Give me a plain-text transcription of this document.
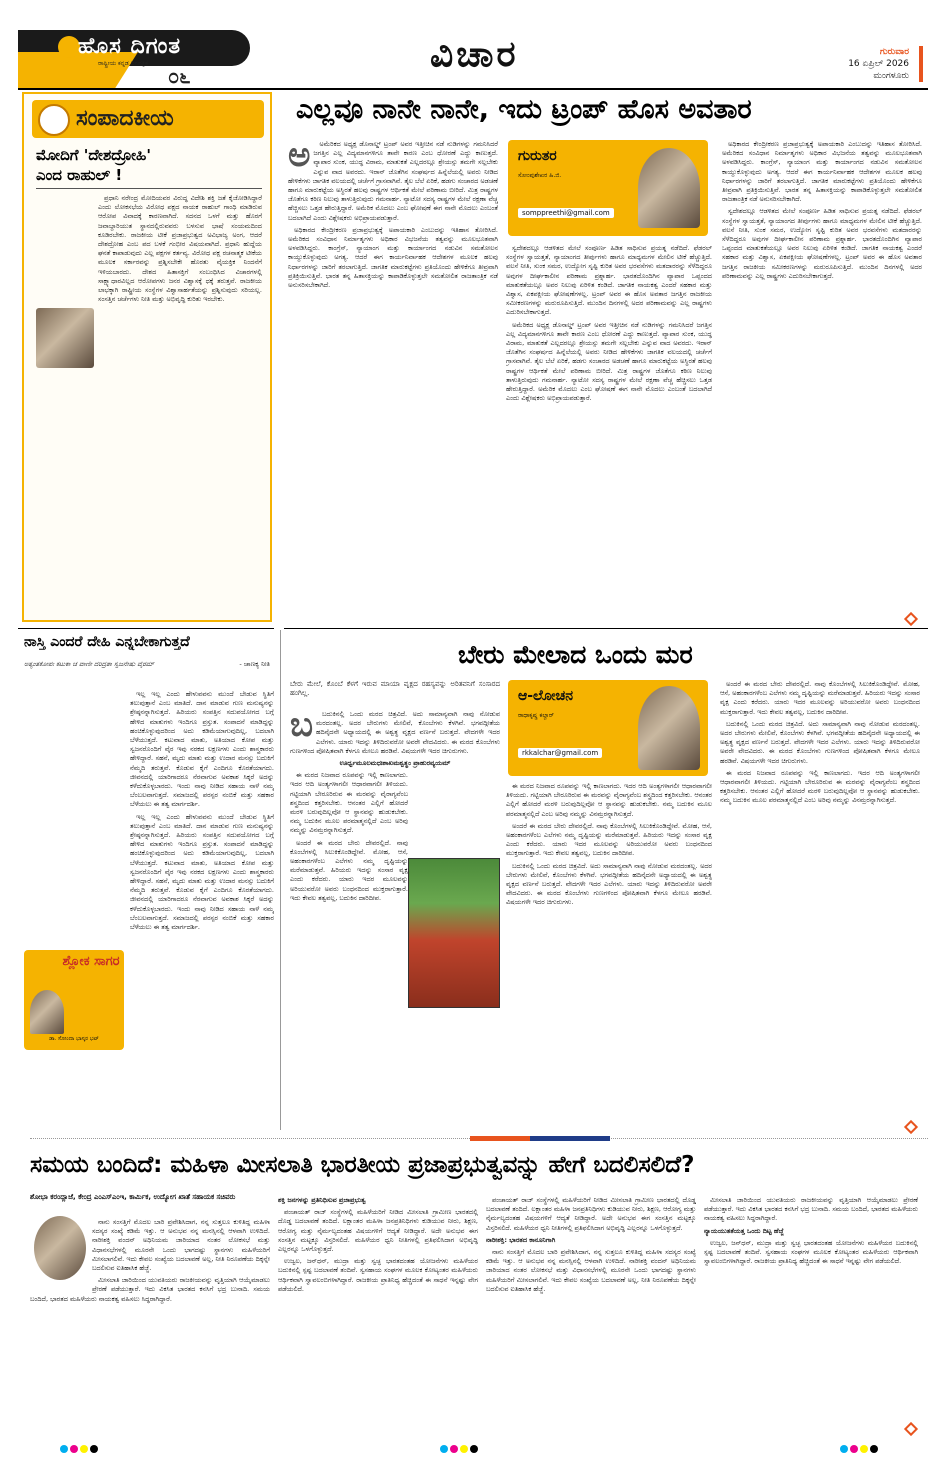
ಹೊಸ ದಿಗಂತ
ರಾಷ್ಟ್ರೀಯ ಕನ್ನಡ ದಿನಪತ್ರಿಕೆ
೦೬
ವಿಚಾರ	ಗುರುವಾರ
16 ಏಪ್ರಿಲ್ 2026
ಮಂಗಳೂರು
ಸಂಪಾದಕೀಯ
ಮೋದಿಗೆ 'ದೇಶದ್ರೋಹಿ'
ಎಂದ ರಾಹುಲ್ !

ಪ್ರಧಾನಿ ನರೇಂದ್ರ ಮೋದಿಯವರ ವಿರುದ್ಧ ವಿದೇಶಿ ಶಕ್ತಿ ಜತೆ ಕೈಜೋಡಿಸಿದ್ದಾರೆ ಎಂದು ಲೋಕಸಭೆಯ ವಿರೋಧ ಪಕ್ಷದ ನಾಯಕ ರಾಹುಲ್ ಗಾಂಧಿ ಮಾಡಿರುವ ಆರೋಪ ವಿವಾದಕ್ಕೆ ಕಾರಣವಾಗಿದೆ. ಸದನದ ಒಳಗೆ ಮತ್ತು ಹೊರಗೆ ಜವಾಬ್ದಾರಿಯುತ ಸ್ಥಾನದಲ್ಲಿರುವವರು ಬಳಸುವ ಭಾಷೆ ಸಂಯಮದಿಂದ ಕೂಡಿರಬೇಕು. ರಾಜಕೀಯ ಟೀಕೆ ಪ್ರಜಾಪ್ರಭುತ್ವದ ಅವಿಭಾಜ್ಯ ಅಂಗ, ಆದರೆ ದೇಶದ್ರೋಹ ಎಂಬ ಪದ ಬಳಕೆ ಗಂಭೀರ ವಿಷಯವಾಗಿದೆ. ಪ್ರಧಾನಿ ಹುದ್ದೆಯ ಘನತೆ ಕಾಪಾಡುವುದು ಎಲ್ಲ ಪಕ್ಷಗಳ ಕರ್ತವ್ಯ. ವಿರೋಧ ಪಕ್ಷ ರಚನಾತ್ಮಕ ಟೀಕೆಯ ಮೂಲಕ ಸರ್ಕಾರವನ್ನು ಪ್ರಶ್ನಿಸಬೇಕೇ ಹೊರತು ವೈಯಕ್ತಿಕ ನಿಂದನೆಗೆ ಇಳಿಯಬಾರದು. ದೇಶದ ಹಿತಾಸಕ್ತಿಗೆ ಸಂಬಂಧಿಸಿದ ವಿಚಾರಗಳಲ್ಲಿ ಸಾಕ್ಷ್ಯಾಧಾರವಿಲ್ಲದ ಆರೋಪಗಳು ಜನರ ವಿಶ್ವಾಸಕ್ಕೆ ಧಕ್ಕೆ ತರುತ್ತವೆ. ರಾಜಕೀಯ ಲಾಭಕ್ಕಾಗಿ ರಾಷ್ಟ್ರೀಯ ಸಂಸ್ಥೆಗಳ ವಿಶ್ವಾಸಾರ್ಹತೆಯನ್ನು ಪ್ರಶ್ನಿಸುವುದು ಸರಿಯಲ್ಲ. ಸಂಸತ್ತಿನ ಚರ್ಚೆಗಳು ನೀತಿ ಮತ್ತು ಅಭಿವೃದ್ಧಿ ಕುರಿತು ಇರಬೇಕು.

ಎಲ್ಲವೂ ನಾನೇ ನಾನೇ, ಇದು ಟ್ರಂಪ್ ಹೊಸ ಅವತಾರ
ಅ	ಅಮೆರಿಕದ ಅಧ್ಯಕ್ಷ ಡೊನಾಲ್ಡ್ ಟ್ರಂಪ್ ಅವರ ಇತ್ತೀಚಿನ ನಡೆ ನುಡಿಗಳನ್ನು ಗಮನಿಸಿದರೆ ಜಗತ್ತಿನ ಎಲ್ಲ ವಿದ್ಯಮಾನಗಳಿಗೂ ತಾವೇ ಕಾರಣ ಎಂಬ ಧೋರಣೆ ಎದ್ದು ಕಾಣುತ್ತದೆ. ವ್ಯಾಪಾರ ಸುಂಕ, ಯುದ್ಧ ವಿರಾಮ, ಮಾತುಕತೆ ಎಲ್ಲದರಲ್ಲೂ ಶ್ರೇಯಸ್ಸು ತಮಗೇ ಸಲ್ಲಬೇಕು ಎನ್ನುವ ವಾದ ಅವರದು. ಇರಾನ್ ಜೊತೆಗಿನ ಸಂಘರ್ಷದ ಹಿನ್ನೆಲೆಯಲ್ಲಿ ಅವರು ನೀಡಿದ ಹೇಳಿಕೆಗಳು ಜಾಗತಿಕ ವಲಯದಲ್ಲಿ ಚರ್ಚೆಗೆ ಗ್ರಾಸವಾಗಿವೆ. ತೈಲ ಬೆಲೆ ಏರಿಕೆ, ಹಡಗು ಸಂಚಾರದ ಅಡಚಣೆ ಹಾಗೂ ಮಾರುಕಟ್ಟೆಯ ಅಸ್ಥಿರತೆ ಹಲವು ರಾಷ್ಟ್ರಗಳ ಆರ್ಥಿಕತೆ ಮೇಲೆ ಪರಿಣಾಮ ಬೀರಿದೆ. ಮಿತ್ರ ರಾಷ್ಟ್ರಗಳ ಜೊತೆಗೂ ಕಠಿಣ ನಿಲುವು ತಾಳುತ್ತಿರುವುದು ಗಮನಾರ್ಹ. ನ್ಯಾಟೋ ಸದಸ್ಯ ರಾಷ್ಟ್ರಗಳ ಮೇಲೆ ರಕ್ಷಣಾ ವೆಚ್ಚ ಹೆಚ್ಚಿಸಲು ಒತ್ತಡ ಹೇರುತ್ತಿದ್ದಾರೆ. ಅಮೆರಿಕ ಮೊದಲು ಎಂಬ ಘೋಷಣೆ ಈಗ ನಾನೇ ಮೊದಲು ಎಂಬಂತೆ ಬದಲಾಗಿದೆ ಎಂದು ವಿಶ್ಲೇಷಕರು ಅಭಿಪ್ರಾಯಪಡುತ್ತಾರೆ.

ಅಧಿಕಾರದ ಕೇಂದ್ರೀಕರಣ ಪ್ರಜಾಪ್ರಭುತ್ವಕ್ಕೆ ಅಪಾಯಕಾರಿ ಎಂಬುದನ್ನು ಇತಿಹಾಸ ತೋರಿಸಿದೆ. ಅಮೆರಿಕದ ಸಂವಿಧಾನ ನಿರ್ಮಾತೃಗಳು ಅಧಿಕಾರ ವಿಭಜನೆಯ ತತ್ವವನ್ನು ಮೂಲಭೂತವಾಗಿ ಅಳವಡಿಸಿದ್ದರು. ಕಾಂಗ್ರೆಸ್, ನ್ಯಾಯಾಂಗ ಮತ್ತು ಕಾರ್ಯಾಂಗದ ನಡುವಿನ ಸಮತೋಲನ ಕಾಯ್ದುಕೊಳ್ಳುವುದು ಅಗತ್ಯ. ಆದರೆ ಈಗ ಕಾರ್ಯನಿರ್ವಾಹಕ ಆದೇಶಗಳ ಮೂಲಕ ಹಲವು ನಿರ್ಧಾರಗಳನ್ನು ಜಾರಿಗೆ ತರಲಾಗುತ್ತಿದೆ. ಜಾಗತಿಕ ಮಾರುಕಟ್ಟೆಗಳು ಪ್ರತಿಯೊಂದು ಹೇಳಿಕೆಗೂ ತೀವ್ರವಾಗಿ ಪ್ರತಿಕ್ರಿಯಿಸುತ್ತಿವೆ. ಭಾರತ ತನ್ನ ಹಿತಾಸಕ್ತಿಯನ್ನು ಕಾಪಾಡಿಕೊಳ್ಳುತ್ತಲೇ ಸಮತೋಲಿತ ರಾಜತಾಂತ್ರಿಕ ನಡೆ ಅನುಸರಿಸಬೇಕಾಗಿದೆ.

ಗುರುತರ
ಸೋಂಪುಶೇಖರ ಹಿ.ಜಿ.
somppreethi@gmail.com

ಸ್ವದೇಶದಲ್ಲೂ ಆಡಳಿತದ ಮೇಲೆ ಸಂಪೂರ್ಣ ಹಿಡಿತ ಸಾಧಿಸುವ ಪ್ರಯತ್ನ ನಡೆದಿದೆ. ಫೆಡರಲ್ ಸಂಸ್ಥೆಗಳ ಸ್ವಾಯತ್ತತೆ, ನ್ಯಾಯಾಂಗದ ತೀರ್ಪುಗಳು ಹಾಗೂ ಮಾಧ್ಯಮಗಳ ಮೇಲಿನ ಟೀಕೆ ಹೆಚ್ಚುತ್ತಿದೆ. ವಲಸೆ ನೀತಿ, ಸುಂಕ ಸಮರ, ಉದ್ಯೋಗ ಸೃಷ್ಟಿ ಕುರಿತ ಅವರ ಭರವಸೆಗಳು ಮತದಾರರನ್ನು ಸೆಳೆದಿದ್ದರೂ ಅವುಗಳ ದೀರ್ಘಕಾಲೀನ ಪರಿಣಾಮ ಪ್ರಶ್ನಾರ್ಹ. ಭಾರತದೊಂದಿಗಿನ ವ್ಯಾಪಾರ ಒಪ್ಪಂದದ ಮಾತುಕತೆಯಲ್ಲೂ ಅವರ ನಿಲುವು ಏರಿಳಿತ ಕಂಡಿದೆ. ಜಾಗತಿಕ ನಾಯಕತ್ವ ಎಂದರೆ ಸಹಕಾರ ಮತ್ತು ವಿಶ್ವಾಸ, ಏಕಪಕ್ಷೀಯ ಘೋಷಣೆಗಳಲ್ಲ. ಟ್ರಂಪ್ ಅವರ ಈ ಹೊಸ ಅವತಾರ ಜಗತ್ತಿನ ರಾಜಕೀಯ ಸಮೀಕರಣಗಳನ್ನು ಮರುರೂಪಿಸುತ್ತಿದೆ. ಮುಂದಿನ ದಿನಗಳಲ್ಲಿ ಅದರ ಪರಿಣಾಮವನ್ನು ಎಲ್ಲ ರಾಷ್ಟ್ರಗಳು ಎದುರಿಸಬೇಕಾಗುತ್ತದೆ.

ಅಮೆರಿಕದ ಅಧ್ಯಕ್ಷ ಡೊನಾಲ್ಡ್ ಟ್ರಂಪ್ ಅವರ ಇತ್ತೀಚಿನ ನಡೆ ನುಡಿಗಳನ್ನು ಗಮನಿಸಿದರೆ ಜಗತ್ತಿನ ಎಲ್ಲ ವಿದ್ಯಮಾನಗಳಿಗೂ ತಾವೇ ಕಾರಣ ಎಂಬ ಧೋರಣೆ ಎದ್ದು ಕಾಣುತ್ತದೆ. ವ್ಯಾಪಾರ ಸುಂಕ, ಯುದ್ಧ ವಿರಾಮ, ಮಾತುಕತೆ ಎಲ್ಲದರಲ್ಲೂ ಶ್ರೇಯಸ್ಸು ತಮಗೇ ಸಲ್ಲಬೇಕು ಎನ್ನುವ ವಾದ ಅವರದು. ಇರಾನ್ ಜೊತೆಗಿನ ಸಂಘರ್ಷದ ಹಿನ್ನೆಲೆಯಲ್ಲಿ ಅವರು ನೀಡಿದ ಹೇಳಿಕೆಗಳು ಜಾಗತಿಕ ವಲಯದಲ್ಲಿ ಚರ್ಚೆಗೆ ಗ್ರಾಸವಾಗಿವೆ. ತೈಲ ಬೆಲೆ ಏರಿಕೆ, ಹಡಗು ಸಂಚಾರದ ಅಡಚಣೆ ಹಾಗೂ ಮಾರುಕಟ್ಟೆಯ ಅಸ್ಥಿರತೆ ಹಲವು ರಾಷ್ಟ್ರಗಳ ಆರ್ಥಿಕತೆ ಮೇಲೆ ಪರಿಣಾಮ ಬೀರಿದೆ. ಮಿತ್ರ ರಾಷ್ಟ್ರಗಳ ಜೊತೆಗೂ ಕಠಿಣ ನಿಲುವು ತಾಳುತ್ತಿರುವುದು ಗಮನಾರ್ಹ. ನ್ಯಾಟೋ ಸದಸ್ಯ ರಾಷ್ಟ್ರಗಳ ಮೇಲೆ ರಕ್ಷಣಾ ವೆಚ್ಚ ಹೆಚ್ಚಿಸಲು ಒತ್ತಡ ಹೇರುತ್ತಿದ್ದಾರೆ. ಅಮೆರಿಕ ಮೊದಲು ಎಂಬ ಘೋಷಣೆ ಈಗ ನಾನೇ ಮೊದಲು ಎಂಬಂತೆ ಬದಲಾಗಿದೆ ಎಂದು ವಿಶ್ಲೇಷಕರು ಅಭಿಪ್ರಾಯಪಡುತ್ತಾರೆ.

ಅಧಿಕಾರದ ಕೇಂದ್ರೀಕರಣ ಪ್ರಜಾಪ್ರಭುತ್ವಕ್ಕೆ ಅಪಾಯಕಾರಿ ಎಂಬುದನ್ನು ಇತಿಹಾಸ ತೋರಿಸಿದೆ. ಅಮೆರಿಕದ ಸಂವಿಧಾನ ನಿರ್ಮಾತೃಗಳು ಅಧಿಕಾರ ವಿಭಜನೆಯ ತತ್ವವನ್ನು ಮೂಲಭೂತವಾಗಿ ಅಳವಡಿಸಿದ್ದರು. ಕಾಂಗ್ರೆಸ್, ನ್ಯಾಯಾಂಗ ಮತ್ತು ಕಾರ್ಯಾಂಗದ ನಡುವಿನ ಸಮತೋಲನ ಕಾಯ್ದುಕೊಳ್ಳುವುದು ಅಗತ್ಯ. ಆದರೆ ಈಗ ಕಾರ್ಯನಿರ್ವಾಹಕ ಆದೇಶಗಳ ಮೂಲಕ ಹಲವು ನಿರ್ಧಾರಗಳನ್ನು ಜಾರಿಗೆ ತರಲಾಗುತ್ತಿದೆ. ಜಾಗತಿಕ ಮಾರುಕಟ್ಟೆಗಳು ಪ್ರತಿಯೊಂದು ಹೇಳಿಕೆಗೂ ತೀವ್ರವಾಗಿ ಪ್ರತಿಕ್ರಿಯಿಸುತ್ತಿವೆ. ಭಾರತ ತನ್ನ ಹಿತಾಸಕ್ತಿಯನ್ನು ಕಾಪಾಡಿಕೊಳ್ಳುತ್ತಲೇ ಸಮತೋಲಿತ ರಾಜತಾಂತ್ರಿಕ ನಡೆ ಅನುಸರಿಸಬೇಕಾಗಿದೆ.

ಸ್ವದೇಶದಲ್ಲೂ ಆಡಳಿತದ ಮೇಲೆ ಸಂಪೂರ್ಣ ಹಿಡಿತ ಸಾಧಿಸುವ ಪ್ರಯತ್ನ ನಡೆದಿದೆ. ಫೆಡರಲ್ ಸಂಸ್ಥೆಗಳ ಸ್ವಾಯತ್ತತೆ, ನ್ಯಾಯಾಂಗದ ತೀರ್ಪುಗಳು ಹಾಗೂ ಮಾಧ್ಯಮಗಳ ಮೇಲಿನ ಟೀಕೆ ಹೆಚ್ಚುತ್ತಿದೆ. ವಲಸೆ ನೀತಿ, ಸುಂಕ ಸಮರ, ಉದ್ಯೋಗ ಸೃಷ್ಟಿ ಕುರಿತ ಅವರ ಭರವಸೆಗಳು ಮತದಾರರನ್ನು ಸೆಳೆದಿದ್ದರೂ ಅವುಗಳ ದೀರ್ಘಕಾಲೀನ ಪರಿಣಾಮ ಪ್ರಶ್ನಾರ್ಹ. ಭಾರತದೊಂದಿಗಿನ ವ್ಯಾಪಾರ ಒಪ್ಪಂದದ ಮಾತುಕತೆಯಲ್ಲೂ ಅವರ ನಿಲುವು ಏರಿಳಿತ ಕಂಡಿದೆ. ಜಾಗತಿಕ ನಾಯಕತ್ವ ಎಂದರೆ ಸಹಕಾರ ಮತ್ತು ವಿಶ್ವಾಸ, ಏಕಪಕ್ಷೀಯ ಘೋಷಣೆಗಳಲ್ಲ. ಟ್ರಂಪ್ ಅವರ ಈ ಹೊಸ ಅವತಾರ ಜಗತ್ತಿನ ರಾಜಕೀಯ ಸಮೀಕರಣಗಳನ್ನು ಮರುರೂಪಿಸುತ್ತಿದೆ. ಮುಂದಿನ ದಿನಗಳಲ್ಲಿ ಅದರ ಪರಿಣಾಮವನ್ನು ಎಲ್ಲ ರಾಷ್ಟ್ರಗಳು ಎದುರಿಸಬೇಕಾಗುತ್ತದೆ.

ನಾಸ್ತಿ ಎಂದರೆ ದೇಹಿ ಎನ್ನಬೇಕಾಗುತ್ತದೆ
ಅತ್ಯಂತಕೋಪಃ ಕಟುಕಾ ಚ ವಾಣೀ ದರಿದ್ರತಾ ಸ್ವಜನೇಷು ವೈರಮ್	- ಚಾಣಕ್ಯ ನೀತಿ
ಶ್ಲೋಕ ಸಾಗರ
ಡಾ. ಸೋಂದಾ ಭಾಸ್ಕರ ಭಟ್

ಇಲ್ಲ ಇಲ್ಲ ಎಂದು ಹೇಳುವವನು ಮುಂದೆ ಬೇಡುವ ಸ್ಥಿತಿಗೆ ತಲುಪುತ್ತಾನೆ ಎಂಬ ಮಾತಿದೆ. ದಾನ ಮಾಡುವ ಗುಣ ಮನುಷ್ಯನನ್ನು ಶ್ರೇಷ್ಠನನ್ನಾಗಿಸುತ್ತದೆ. ಹಿರಿಯರು ಸಂಪತ್ತಿನ ಸದುಪಯೋಗದ ಬಗ್ಗೆ ಹೇಳಿದ ಮಾತುಗಳು ಇಂದಿಗೂ ಪ್ರಸ್ತುತ. ಸಂಪಾದನೆ ಮಾಡಿದ್ದನ್ನು ಹಂಚಿಕೊಳ್ಳುವುದರಿಂದ ಅದು ಕಡಿಮೆಯಾಗುವುದಿಲ್ಲ, ಬದಲಾಗಿ ಬೆಳೆಯುತ್ತದೆ. ಕಟುವಾದ ಮಾತು, ಅತಿಯಾದ ಕೋಪ ಮತ್ತು ಸ್ವಜನರೊಂದಿಗೆ ವೈರ ಇವು ನರಕದ ಲಕ್ಷಣಗಳು ಎಂದು ಶಾಸ್ತ್ರಕಾರರು ಹೇಳಿದ್ದಾರೆ. ಸಹನೆ, ಮೃದು ಮಾತು ಮತ್ತು ಉದಾರ ಮನಸ್ಸು ಬದುಕಿಗೆ ನೆಮ್ಮದಿ ತರುತ್ತವೆ. ಕೊಡುವ ಕೈಗೆ ಎಂದಿಗೂ ಕೊರತೆಯಾಗದು. ಜೀವನದಲ್ಲಿ ಯಾರಿಗಾದರೂ ನೆರವಾಗುವ ಅವಕಾಶ ಸಿಕ್ಕರೆ ಅದನ್ನು ಕಳೆದುಕೊಳ್ಳಬಾರದು. ಇಂದು ನಾವು ನೀಡಿದ ಸಹಾಯ ನಾಳೆ ನಮ್ಮ ಬೆಂಬಲವಾಗುತ್ತದೆ. ಸಮಾಜದಲ್ಲಿ ಪರಸ್ಪರ ನಂಬಿಕೆ ಮತ್ತು ಸಹಕಾರ ಬೆಳೆಯಲು ಈ ತತ್ವ ಮಾರ್ಗದರ್ಶಿ.

ಇಲ್ಲ ಇಲ್ಲ ಎಂದು ಹೇಳುವವನು ಮುಂದೆ ಬೇಡುವ ಸ್ಥಿತಿಗೆ ತಲುಪುತ್ತಾನೆ ಎಂಬ ಮಾತಿದೆ. ದಾನ ಮಾಡುವ ಗುಣ ಮನುಷ್ಯನನ್ನು ಶ್ರೇಷ್ಠನನ್ನಾಗಿಸುತ್ತದೆ. ಹಿರಿಯರು ಸಂಪತ್ತಿನ ಸದುಪಯೋಗದ ಬಗ್ಗೆ ಹೇಳಿದ ಮಾತುಗಳು ಇಂದಿಗೂ ಪ್ರಸ್ತುತ. ಸಂಪಾದನೆ ಮಾಡಿದ್ದನ್ನು ಹಂಚಿಕೊಳ್ಳುವುದರಿಂದ ಅದು ಕಡಿಮೆಯಾಗುವುದಿಲ್ಲ, ಬದಲಾಗಿ ಬೆಳೆಯುತ್ತದೆ. ಕಟುವಾದ ಮಾತು, ಅತಿಯಾದ ಕೋಪ ಮತ್ತು ಸ್ವಜನರೊಂದಿಗೆ ವೈರ ಇವು ನರಕದ ಲಕ್ಷಣಗಳು ಎಂದು ಶಾಸ್ತ್ರಕಾರರು ಹೇಳಿದ್ದಾರೆ. ಸಹನೆ, ಮೃದು ಮಾತು ಮತ್ತು ಉದಾರ ಮನಸ್ಸು ಬದುಕಿಗೆ ನೆಮ್ಮದಿ ತರುತ್ತವೆ. ಕೊಡುವ ಕೈಗೆ ಎಂದಿಗೂ ಕೊರತೆಯಾಗದು. ಜೀವನದಲ್ಲಿ ಯಾರಿಗಾದರೂ ನೆರವಾಗುವ ಅವಕಾಶ ಸಿಕ್ಕರೆ ಅದನ್ನು ಕಳೆದುಕೊಳ್ಳಬಾರದು. ಇಂದು ನಾವು ನೀಡಿದ ಸಹಾಯ ನಾಳೆ ನಮ್ಮ ಬೆಂಬಲವಾಗುತ್ತದೆ. ಸಮಾಜದಲ್ಲಿ ಪರಸ್ಪರ ನಂಬಿಕೆ ಮತ್ತು ಸಹಕಾರ ಬೆಳೆಯಲು ಈ ತತ್ವ ಮಾರ್ಗದರ್ಶಿ.

ಬೇರು ಮೇಲಾದ ಒಂದು ಮರ
ಬೇರು ಮೇಲೆ, ಕೊಂಬೆ ಕೆಳಗೆ ಇರುವ ಮಾಯಾ ವೃಕ್ಷದ ರಹಸ್ಯವನ್ನು ಅರಿತವನಿಗೆ ಸಂಸಾರದ ಹಂಗಿಲ್ಲ.	ಆ-ಲೋಚನ
ರಾಧಾಕೃಷ್ಣ ಕಲ್ಚಾರ್
rkkalchar@gmail.com
ಬ	ಬದುಕಿನಲ್ಲಿ ಒಂದು ಮರದ ಚಿತ್ರವಿದೆ. ಅದು ಸಾಮಾನ್ಯವಾಗಿ ನಾವು ನೋಡುವ ಮರದಂತಲ್ಲ. ಅದರ ಬೇರುಗಳು ಮೇಲಿವೆ, ಕೊಂಬೆಗಳು ಕೆಳಗಿವೆ. ಭಗವದ್ಗೀತೆಯ ಹದಿನೈದನೇ ಅಧ್ಯಾಯದಲ್ಲಿ ಈ ಅಶ್ವತ್ಥ ವೃಕ್ಷದ ವರ್ಣನೆ ಬರುತ್ತದೆ. ವೇದಗಳೇ ಇದರ ಎಲೆಗಳು. ಯಾರು ಇದನ್ನು ತಿಳಿದಿರುವರೋ ಅವರೇ ವೇದವಿದರು. ಈ ಮರದ ಕೊಂಬೆಗಳು ಗುಣಗಳಿಂದ ಪೋಷಿತವಾಗಿ ಕೆಳಗೂ ಮೇಲೂ ಹರಡಿವೆ. ವಿಷಯಗಳೇ ಇದರ ಚಿಗುರುಗಳು.

ಊರ್ಧ್ವಮೂಲಮಧಃಶಾಖಮಶ್ವತ್ಥಂ ಪ್ರಾಹುರವ್ಯಯಮ್

ಈ ಮರದ ನಿಜವಾದ ರೂಪವನ್ನು ಇಲ್ಲಿ ಕಾಣಲಾಗದು. ಇದರ ಆದಿ ಅಂತ್ಯಗಳಾಗಲೀ ಆಧಾರವಾಗಲೀ ತಿಳಿಯದು. ಗಟ್ಟಿಯಾಗಿ ಬೇರೂರಿರುವ ಈ ಮರವನ್ನು ವೈರಾಗ್ಯವೆಂಬ ಶಸ್ತ್ರದಿಂದ ಕತ್ತರಿಸಬೇಕು. ಆನಂತರ ಎಲ್ಲಿಗೆ ಹೋದರೆ ಮರಳಿ ಬರುವುದಿಲ್ಲವೋ ಆ ಸ್ಥಾನವನ್ನು ಹುಡುಕಬೇಕು. ನಮ್ಮ ಬದುಕಿನ ಮೂಲ ಪರಮಾತ್ಮನಲ್ಲಿದೆ ಎಂಬ ಅರಿವು ನಮ್ಮನ್ನು ವಿನಮ್ರರನ್ನಾಗಿಸುತ್ತದೆ.

ಅಂದರೆ ಈ ಮರದ ಬೇರು ದೇವರಲ್ಲಿದೆ. ನಾವು ಕೊಂಬೆಗಳಲ್ಲಿ ಸಿಲುಕಿಕೊಂಡಿದ್ದೇವೆ. ಮೋಹ, ಆಸೆ, ಅಹಂಕಾರಗಳೆಂಬ ಎಲೆಗಳು ನಮ್ಮ ದೃಷ್ಟಿಯನ್ನು ಮರೆಮಾಡುತ್ತವೆ. ಹಿರಿಯರು ಇದನ್ನು ಸಂಸಾರ ವೃಕ್ಷ ಎಂದು ಕರೆದರು. ಯಾರು ಇದರ ಮೂಲವನ್ನು ಅರಿಯುವರೋ ಅವರು ಬಂಧನದಿಂದ ಮುಕ್ತರಾಗುತ್ತಾರೆ. ಇದು ಕೇವಲ ತತ್ವವಲ್ಲ, ಬದುಕಿನ ದಾರಿದೀಪ.

ಈ ಮರದ ನಿಜವಾದ ರೂಪವನ್ನು ಇಲ್ಲಿ ಕಾಣಲಾಗದು. ಇದರ ಆದಿ ಅಂತ್ಯಗಳಾಗಲೀ ಆಧಾರವಾಗಲೀ ತಿಳಿಯದು. ಗಟ್ಟಿಯಾಗಿ ಬೇರೂರಿರುವ ಈ ಮರವನ್ನು ವೈರಾಗ್ಯವೆಂಬ ಶಸ್ತ್ರದಿಂದ ಕತ್ತರಿಸಬೇಕು. ಆನಂತರ ಎಲ್ಲಿಗೆ ಹೋದರೆ ಮರಳಿ ಬರುವುದಿಲ್ಲವೋ ಆ ಸ್ಥಾನವನ್ನು ಹುಡುಕಬೇಕು. ನಮ್ಮ ಬದುಕಿನ ಮೂಲ ಪರಮಾತ್ಮನಲ್ಲಿದೆ ಎಂಬ ಅರಿವು ನಮ್ಮನ್ನು ವಿನಮ್ರರನ್ನಾಗಿಸುತ್ತದೆ.

ಅಂದರೆ ಈ ಮರದ ಬೇರು ದೇವರಲ್ಲಿದೆ. ನಾವು ಕೊಂಬೆಗಳಲ್ಲಿ ಸಿಲುಕಿಕೊಂಡಿದ್ದೇವೆ. ಮೋಹ, ಆಸೆ, ಅಹಂಕಾರಗಳೆಂಬ ಎಲೆಗಳು ನಮ್ಮ ದೃಷ್ಟಿಯನ್ನು ಮರೆಮಾಡುತ್ತವೆ. ಹಿರಿಯರು ಇದನ್ನು ಸಂಸಾರ ವೃಕ್ಷ ಎಂದು ಕರೆದರು. ಯಾರು ಇದರ ಮೂಲವನ್ನು ಅರಿಯುವರೋ ಅವರು ಬಂಧನದಿಂದ ಮುಕ್ತರಾಗುತ್ತಾರೆ. ಇದು ಕೇವಲ ತತ್ವವಲ್ಲ, ಬದುಕಿನ ದಾರಿದೀಪ.

ಬದುಕಿನಲ್ಲಿ ಒಂದು ಮರದ ಚಿತ್ರವಿದೆ. ಅದು ಸಾಮಾನ್ಯವಾಗಿ ನಾವು ನೋಡುವ ಮರದಂತಲ್ಲ. ಅದರ ಬೇರುಗಳು ಮೇಲಿವೆ, ಕೊಂಬೆಗಳು ಕೆಳಗಿವೆ. ಭಗವದ್ಗೀತೆಯ ಹದಿನೈದನೇ ಅಧ್ಯಾಯದಲ್ಲಿ ಈ ಅಶ್ವತ್ಥ ವೃಕ್ಷದ ವರ್ಣನೆ ಬರುತ್ತದೆ. ವೇದಗಳೇ ಇದರ ಎಲೆಗಳು. ಯಾರು ಇದನ್ನು ತಿಳಿದಿರುವರೋ ಅವರೇ ವೇದವಿದರು. ಈ ಮರದ ಕೊಂಬೆಗಳು ಗುಣಗಳಿಂದ ಪೋಷಿತವಾಗಿ ಕೆಳಗೂ ಮೇಲೂ ಹರಡಿವೆ. ವಿಷಯಗಳೇ ಇದರ ಚಿಗುರುಗಳು.

ಅಂದರೆ ಈ ಮರದ ಬೇರು ದೇವರಲ್ಲಿದೆ. ನಾವು ಕೊಂಬೆಗಳಲ್ಲಿ ಸಿಲುಕಿಕೊಂಡಿದ್ದೇವೆ. ಮೋಹ, ಆಸೆ, ಅಹಂಕಾರಗಳೆಂಬ ಎಲೆಗಳು ನಮ್ಮ ದೃಷ್ಟಿಯನ್ನು ಮರೆಮಾಡುತ್ತವೆ. ಹಿರಿಯರು ಇದನ್ನು ಸಂಸಾರ ವೃಕ್ಷ ಎಂದು ಕರೆದರು. ಯಾರು ಇದರ ಮೂಲವನ್ನು ಅರಿಯುವರೋ ಅವರು ಬಂಧನದಿಂದ ಮುಕ್ತರಾಗುತ್ತಾರೆ. ಇದು ಕೇವಲ ತತ್ವವಲ್ಲ, ಬದುಕಿನ ದಾರಿದೀಪ.

ಬದುಕಿನಲ್ಲಿ ಒಂದು ಮರದ ಚಿತ್ರವಿದೆ. ಅದು ಸಾಮಾನ್ಯವಾಗಿ ನಾವು ನೋಡುವ ಮರದಂತಲ್ಲ. ಅದರ ಬೇರುಗಳು ಮೇಲಿವೆ, ಕೊಂಬೆಗಳು ಕೆಳಗಿವೆ. ಭಗವದ್ಗೀತೆಯ ಹದಿನೈದನೇ ಅಧ್ಯಾಯದಲ್ಲಿ ಈ ಅಶ್ವತ್ಥ ವೃಕ್ಷದ ವರ್ಣನೆ ಬರುತ್ತದೆ. ವೇದಗಳೇ ಇದರ ಎಲೆಗಳು. ಯಾರು ಇದನ್ನು ತಿಳಿದಿರುವರೋ ಅವರೇ ವೇದವಿದರು. ಈ ಮರದ ಕೊಂಬೆಗಳು ಗುಣಗಳಿಂದ ಪೋಷಿತವಾಗಿ ಕೆಳಗೂ ಮೇಲೂ ಹರಡಿವೆ. ವಿಷಯಗಳೇ ಇದರ ಚಿಗುರುಗಳು.

ಈ ಮರದ ನಿಜವಾದ ರೂಪವನ್ನು ಇಲ್ಲಿ ಕಾಣಲಾಗದು. ಇದರ ಆದಿ ಅಂತ್ಯಗಳಾಗಲೀ ಆಧಾರವಾಗಲೀ ತಿಳಿಯದು. ಗಟ್ಟಿಯಾಗಿ ಬೇರೂರಿರುವ ಈ ಮರವನ್ನು ವೈರಾಗ್ಯವೆಂಬ ಶಸ್ತ್ರದಿಂದ ಕತ್ತರಿಸಬೇಕು. ಆನಂತರ ಎಲ್ಲಿಗೆ ಹೋದರೆ ಮರಳಿ ಬರುವುದಿಲ್ಲವೋ ಆ ಸ್ಥಾನವನ್ನು ಹುಡುಕಬೇಕು. ನಮ್ಮ ಬದುಕಿನ ಮೂಲ ಪರಮಾತ್ಮನಲ್ಲಿದೆ ಎಂಬ ಅರಿವು ನಮ್ಮನ್ನು ವಿನಮ್ರರನ್ನಾಗಿಸುತ್ತದೆ.

ಸಮಯ ಬಂದಿದೆ: ಮಹಿಳಾ ಮೀಸಲಾತಿ ಭಾರತೀಯ ಪ್ರಜಾಪ್ರಭುತ್ವವನ್ನು ಹೇಗೆ ಬದಲಿಸಲಿದೆ?
ಶೋಭಾ ಕರಂದ್ಲಾಜೆ, ಕೇಂದ್ರ ಎಂಎಸ್‌ಎಂಇ, ಕಾರ್ಮಿಕ, ಉದ್ಯೋಗ ಖಾತೆ ಸಹಾಯಕ ಸಚಿವರು

ನಾನು ಸಂಸತ್ತಿಗೆ ಮೊದಲ ಬಾರಿ ಪ್ರವೇಶಿಸಿದಾಗ, ನನ್ನ ಸುತ್ತಲೂ ಕುಳಿತಿದ್ದ ಮಹಿಳಾ ಸದಸ್ಯರ ಸಂಖ್ಯೆ ಕಡಿಮೆ ಇತ್ತು. ಆ ಅನುಭವ ನನ್ನ ಮನಸ್ಸಿನಲ್ಲಿ ಆಳವಾಗಿ ಉಳಿದಿದೆ. ನಾರೀಶಕ್ತಿ ವಂದನ್ ಅಧಿನಿಯಮ ಜಾರಿಯಾದ ನಂತರ ಲೋಕಸಭೆ ಮತ್ತು ವಿಧಾನಸಭೆಗಳಲ್ಲಿ ಮೂರನೇ ಒಂದು ಭಾಗದಷ್ಟು ಸ್ಥಾನಗಳು ಮಹಿಳೆಯರಿಗೆ ಮೀಸಲಾಗಲಿವೆ. ಇದು ಕೇವಲ ಸಂಖ್ಯೆಯ ಬದಲಾವಣೆ ಅಲ್ಲ, ನೀತಿ ನಿರೂಪಣೆಯ ದಿಕ್ಕನ್ನೇ ಬದಲಿಸುವ ಐತಿಹಾಸಿಕ ಹೆಜ್ಜೆ.

ಮೀಸಲಾತಿ ಜಾರಿಯಿಂದ ಯುವತಿಯರು ರಾಜಕೀಯವನ್ನು ವೃತ್ತಿಯಾಗಿ ಆಯ್ಕೆಮಾಡಲು ಪ್ರೇರಣೆ ಪಡೆಯುತ್ತಾರೆ. ಇದು ವಿಕಸಿತ ಭಾರತದ ಕನಸಿಗೆ ಭದ್ರ ಬುನಾದಿ. ಸಮಯ ಬಂದಿದೆ, ಭಾರತದ ಮಹಿಳೆಯರು ನಾಯಕತ್ವ ವಹಿಸಲು ಸಿದ್ಧರಾಗಿದ್ದಾರೆ.

ಶಕ್ತಿ ಜನಗಳನ್ನು ಪ್ರತಿನಿಧಿಸುವ ಪ್ರಜಾಪ್ರಭುತ್ವ

ಪಂಚಾಯತ್ ರಾಜ್ ಸಂಸ್ಥೆಗಳಲ್ಲಿ ಮಹಿಳೆಯರಿಗೆ ನೀಡಿದ ಮೀಸಲಾತಿ ಗ್ರಾಮೀಣ ಭಾರತದಲ್ಲಿ ದೊಡ್ಡ ಬದಲಾವಣೆ ತಂದಿದೆ. ಲಕ್ಷಾಂತರ ಮಹಿಳಾ ಜನಪ್ರತಿನಿಧಿಗಳು ಕುಡಿಯುವ ನೀರು, ಶಿಕ್ಷಣ, ಆರೋಗ್ಯ ಮತ್ತು ನೈರ್ಮಲ್ಯದಂತಹ ವಿಷಯಗಳಿಗೆ ಆದ್ಯತೆ ನೀಡಿದ್ದಾರೆ. ಅದೇ ಅನುಭವ ಈಗ ಸಂಸತ್ತಿನ ಮಟ್ಟಕ್ಕೂ ವಿಸ್ತರಿಸಲಿದೆ. ಮಹಿಳೆಯರ ಧ್ವನಿ ನೀತಿಗಳಲ್ಲಿ ಪ್ರತಿಫಲಿಸಿದಾಗ ಅಭಿವೃದ್ಧಿ ಎಲ್ಲರನ್ನೂ ಒಳಗೊಳ್ಳುತ್ತದೆ.

ಉಜ್ವಲ, ಜನ್‌ಧನ್, ಮುದ್ರಾ ಮತ್ತು ಸ್ವಚ್ಛ ಭಾರತದಂತಹ ಯೋಜನೆಗಳು ಮಹಿಳೆಯರ ಬದುಕಿನಲ್ಲಿ ಸ್ಪಷ್ಟ ಬದಲಾವಣೆ ತಂದಿವೆ. ಸ್ವಸಹಾಯ ಸಂಘಗಳ ಮೂಲಕ ಕೋಟ್ಯಂತರ ಮಹಿಳೆಯರು ಆರ್ಥಿಕವಾಗಿ ಸ್ವಾವಲಂಬಿಗಳಾಗಿದ್ದಾರೆ. ರಾಜಕೀಯ ಪ್ರಾತಿನಿಧ್ಯ ಹೆಚ್ಚಿದಂತೆ ಈ ಸಾಧನೆ ಇನ್ನಷ್ಟು ವೇಗ ಪಡೆಯಲಿದೆ.

ಪಂಚಾಯತ್ ರಾಜ್ ಸಂಸ್ಥೆಗಳಲ್ಲಿ ಮಹಿಳೆಯರಿಗೆ ನೀಡಿದ ಮೀಸಲಾತಿ ಗ್ರಾಮೀಣ ಭಾರತದಲ್ಲಿ ದೊಡ್ಡ ಬದಲಾವಣೆ ತಂದಿದೆ. ಲಕ್ಷಾಂತರ ಮಹಿಳಾ ಜನಪ್ರತಿನಿಧಿಗಳು ಕುಡಿಯುವ ನೀರು, ಶಿಕ್ಷಣ, ಆರೋಗ್ಯ ಮತ್ತು ನೈರ್ಮಲ್ಯದಂತಹ ವಿಷಯಗಳಿಗೆ ಆದ್ಯತೆ ನೀಡಿದ್ದಾರೆ. ಅದೇ ಅನುಭವ ಈಗ ಸಂಸತ್ತಿನ ಮಟ್ಟಕ್ಕೂ ವಿಸ್ತರಿಸಲಿದೆ. ಮಹಿಳೆಯರ ಧ್ವನಿ ನೀತಿಗಳಲ್ಲಿ ಪ್ರತಿಫಲಿಸಿದಾಗ ಅಭಿವೃದ್ಧಿ ಎಲ್ಲರನ್ನೂ ಒಳಗೊಳ್ಳುತ್ತದೆ.

ನಾರೀಶಕ್ತಿ: ಭಾರತದ ಕಾನೂನಿಗಾಗಿ

ನಾನು ಸಂಸತ್ತಿಗೆ ಮೊದಲ ಬಾರಿ ಪ್ರವೇಶಿಸಿದಾಗ, ನನ್ನ ಸುತ್ತಲೂ ಕುಳಿತಿದ್ದ ಮಹಿಳಾ ಸದಸ್ಯರ ಸಂಖ್ಯೆ ಕಡಿಮೆ ಇತ್ತು. ಆ ಅನುಭವ ನನ್ನ ಮನಸ್ಸಿನಲ್ಲಿ ಆಳವಾಗಿ ಉಳಿದಿದೆ. ನಾರೀಶಕ್ತಿ ವಂದನ್ ಅಧಿನಿಯಮ ಜಾರಿಯಾದ ನಂತರ ಲೋಕಸಭೆ ಮತ್ತು ವಿಧಾನಸಭೆಗಳಲ್ಲಿ ಮೂರನೇ ಒಂದು ಭಾಗದಷ್ಟು ಸ್ಥಾನಗಳು ಮಹಿಳೆಯರಿಗೆ ಮೀಸಲಾಗಲಿವೆ. ಇದು ಕೇವಲ ಸಂಖ್ಯೆಯ ಬದಲಾವಣೆ ಅಲ್ಲ, ನೀತಿ ನಿರೂಪಣೆಯ ದಿಕ್ಕನ್ನೇ ಬದಲಿಸುವ ಐತಿಹಾಸಿಕ ಹೆಜ್ಜೆ.

ಮೀಸಲಾತಿ ಜಾರಿಯಿಂದ ಯುವತಿಯರು ರಾಜಕೀಯವನ್ನು ವೃತ್ತಿಯಾಗಿ ಆಯ್ಕೆಮಾಡಲು ಪ್ರೇರಣೆ ಪಡೆಯುತ್ತಾರೆ. ಇದು ವಿಕಸಿತ ಭಾರತದ ಕನಸಿಗೆ ಭದ್ರ ಬುನಾದಿ. ಸಮಯ ಬಂದಿದೆ, ಭಾರತದ ಮಹಿಳೆಯರು ನಾಯಕತ್ವ ವಹಿಸಲು ಸಿದ್ಧರಾಗಿದ್ದಾರೆ.

ನ್ಯಾಯಯುತತೆಯತ್ತ ಒಂದು ದಿಟ್ಟ ಹೆಜ್ಜೆ

ಉಜ್ವಲ, ಜನ್‌ಧನ್, ಮುದ್ರಾ ಮತ್ತು ಸ್ವಚ್ಛ ಭಾರತದಂತಹ ಯೋಜನೆಗಳು ಮಹಿಳೆಯರ ಬದುಕಿನಲ್ಲಿ ಸ್ಪಷ್ಟ ಬದಲಾವಣೆ ತಂದಿವೆ. ಸ್ವಸಹಾಯ ಸಂಘಗಳ ಮೂಲಕ ಕೋಟ್ಯಂತರ ಮಹಿಳೆಯರು ಆರ್ಥಿಕವಾಗಿ ಸ್ವಾವಲಂಬಿಗಳಾಗಿದ್ದಾರೆ. ರಾಜಕೀಯ ಪ್ರಾತಿನಿಧ್ಯ ಹೆಚ್ಚಿದಂತೆ ಈ ಸಾಧನೆ ಇನ್ನಷ್ಟು ವೇಗ ಪಡೆಯಲಿದೆ.
